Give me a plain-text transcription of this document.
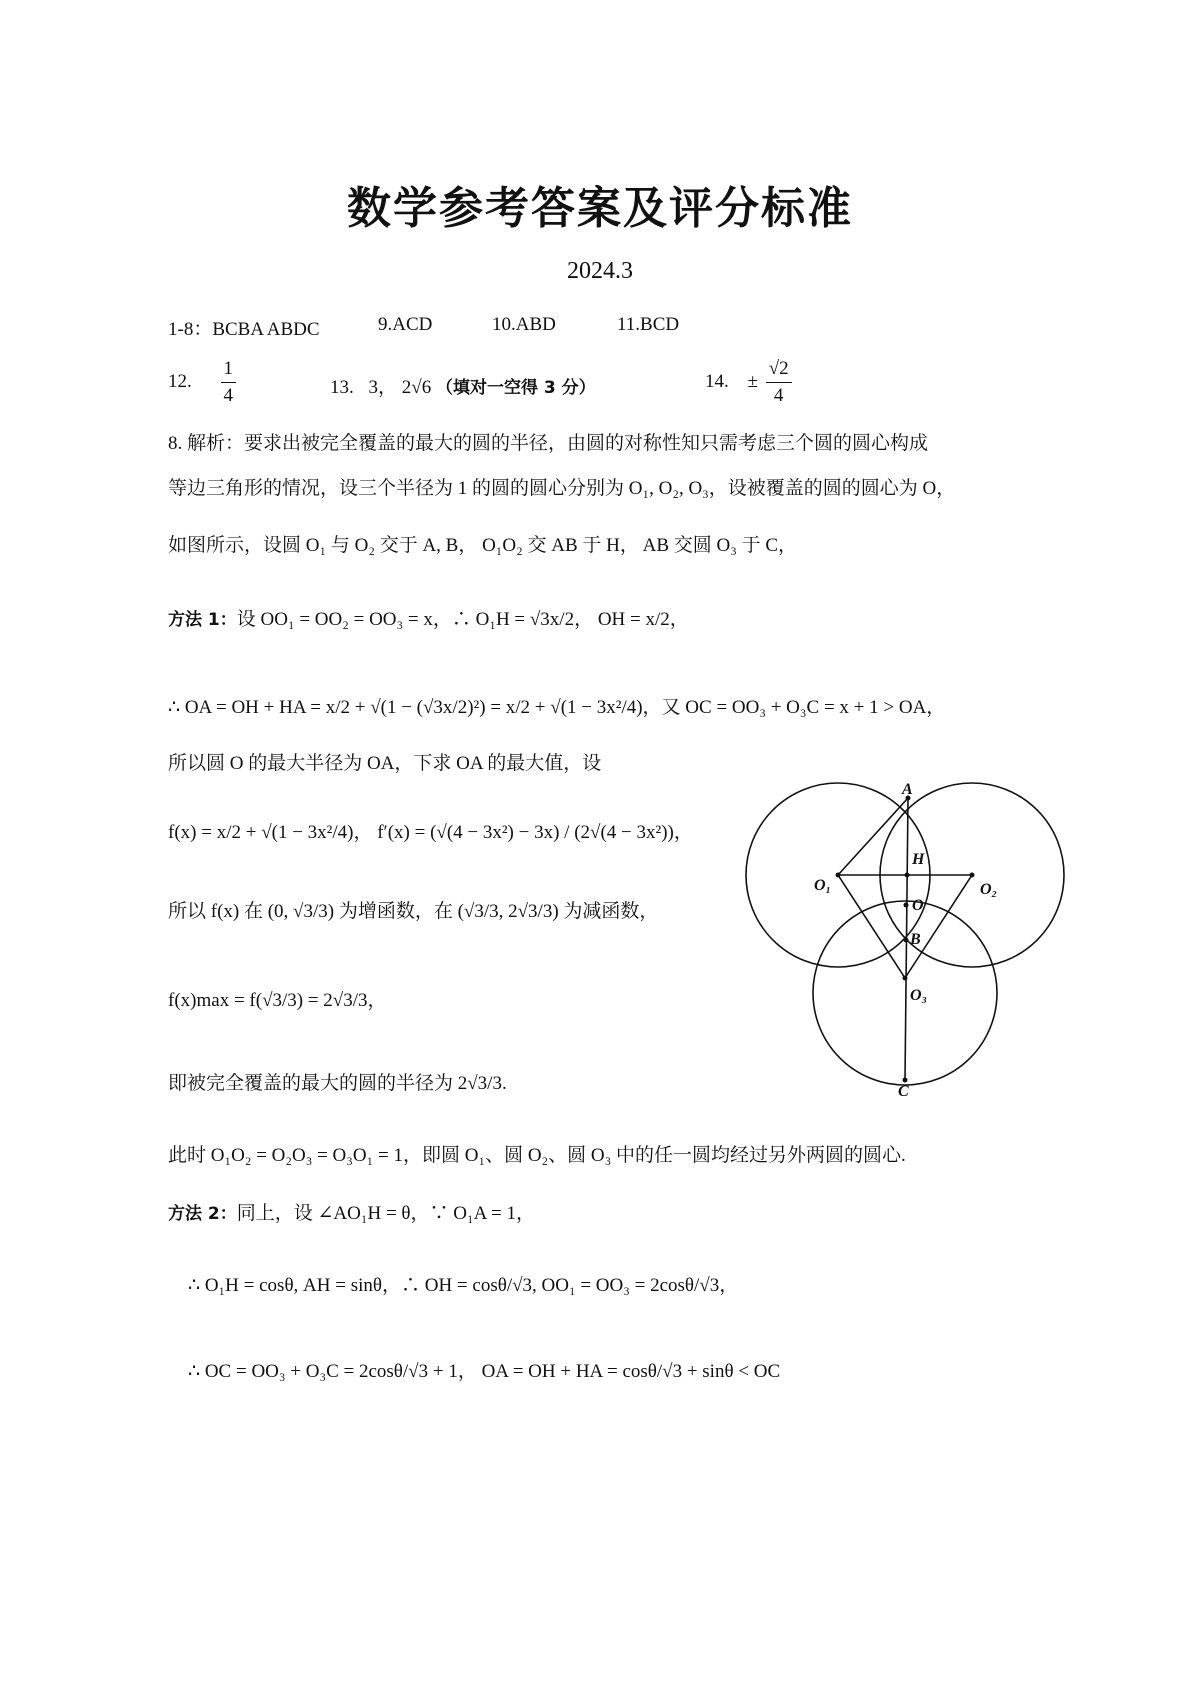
数学参考答案及评分标准
2024.3
1-8：BCBA ABDC	9.ACD	10.ABD	11.BCD
12. $\frac{1}{4}$	13. 3， 2√6 （填对一空得 3 分）	14. ± $\frac{√2}{4}$
8. 解析：要求出被完全覆盖的最大的圆的半径，由圆的对称性知只需考虑三个圆的圆心构成
等边三角形的情况，设三个半径为 1 的圆的圆心分别为 O₁, O₂, O₃，设被覆盖的圆的圆心为 O，
如图所示，设圆 O₁ 与 O₂ 交于 A, B， O₁O₂ 交 AB 于 H， AB 交圆 O₃ 于 C，
方法 1：设 OO₁ = OO₂ = OO₃ = x，∴ O₁H = √3x/2， OH = x/2，
∴ OA = OH + HA = x/2 + √(1 − (√3x/2)²) = x/2 + √(1 − 3x²/4)，又 OC = OO₃ + O₃C = x + 1 > OA，
所以圆 O 的最大半径为 OA，下求 OA 的最大值，设
f(x) = x/2 + √(1 − 3x²/4)， f′(x) = (√(4 − 3x²) − 3x) / (2√(4 − 3x²))，
所以 f(x) 在 (0, √3/3) 为增函数，在 (√3/3, 2√3/3) 为减函数，
f(x)max = f(√3/3) = 2√3/3，
即被完全覆盖的最大的圆的半径为 2√3/3.
此时 O₁O₂ = O₂O₃ = O₃O₁ = 1，即圆 O₁、圆 O₂、圆 O₃ 中的任一圆均经过另外两圆的圆心.
方法 2：同上，设 ∠AO₁H = θ，∵ O₁A = 1，
∴ O₁H = cosθ, AH = sinθ，∴ OH = cosθ/√3, OO₁ = OO₃ = 2cosθ/√3，
∴ OC = OO₃ + O₃C = 2cosθ/√3 + 1， OA = OH + HA = cosθ/√3 + sinθ < OC
A
H
O₁	O₂
O
B
O₃
C
